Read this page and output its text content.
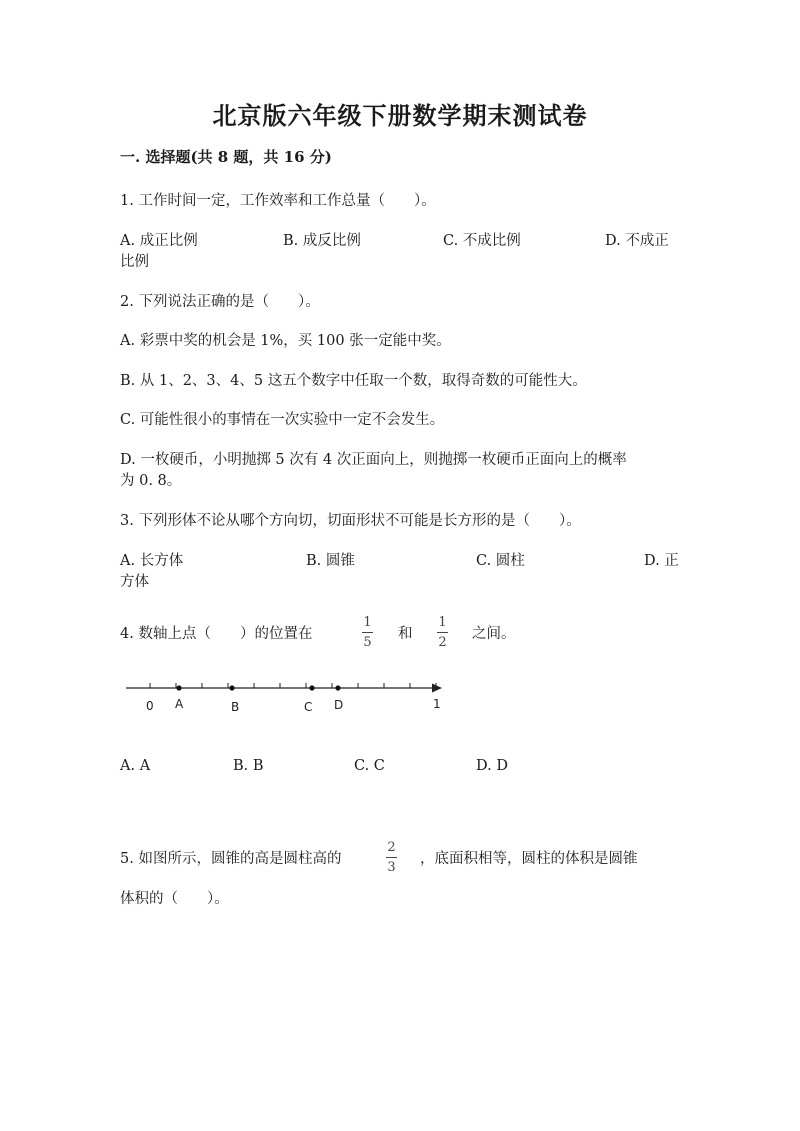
北京版六年级下册数学期末测试卷
一. 选择题(共 8 题，共 16 分)
1. 工作时间一定，工作效率和工作总量（　　）。
A. 成正比例	B. 成反比例	C. 不成比例	D. 不成正
比例
2. 下列说法正确的是（　　）。
A. 彩票中奖的机会是 1%，买 100 张一定能中奖。
B. 从 1、2、3、4、5 这五个数字中任取一个数，取得奇数的可能性大。
C. 可能性很小的事情在一次实验中一定不会发生。
D. 一枚硬币，小明抛掷 5 次有 4 次正面向上，则抛掷一枚硬币正面向上的概率
为 0. 8。
3. 下列形体不论从哪个方向切，切面形状不可能是长方形的是（　　）。
A. 长方体	B. 圆锥	C. 圆柱	D. 正
方体
4. 数轴上点（　　）的位置在
1
5
和
1
2
之间。
0 A	B	C D	1
A. A	B. B	C. C	D. D
5. 如图所示，圆锥的高是圆柱高的
2
3
，底面积相等，圆柱的体积是圆锥
体积的（　　）。
